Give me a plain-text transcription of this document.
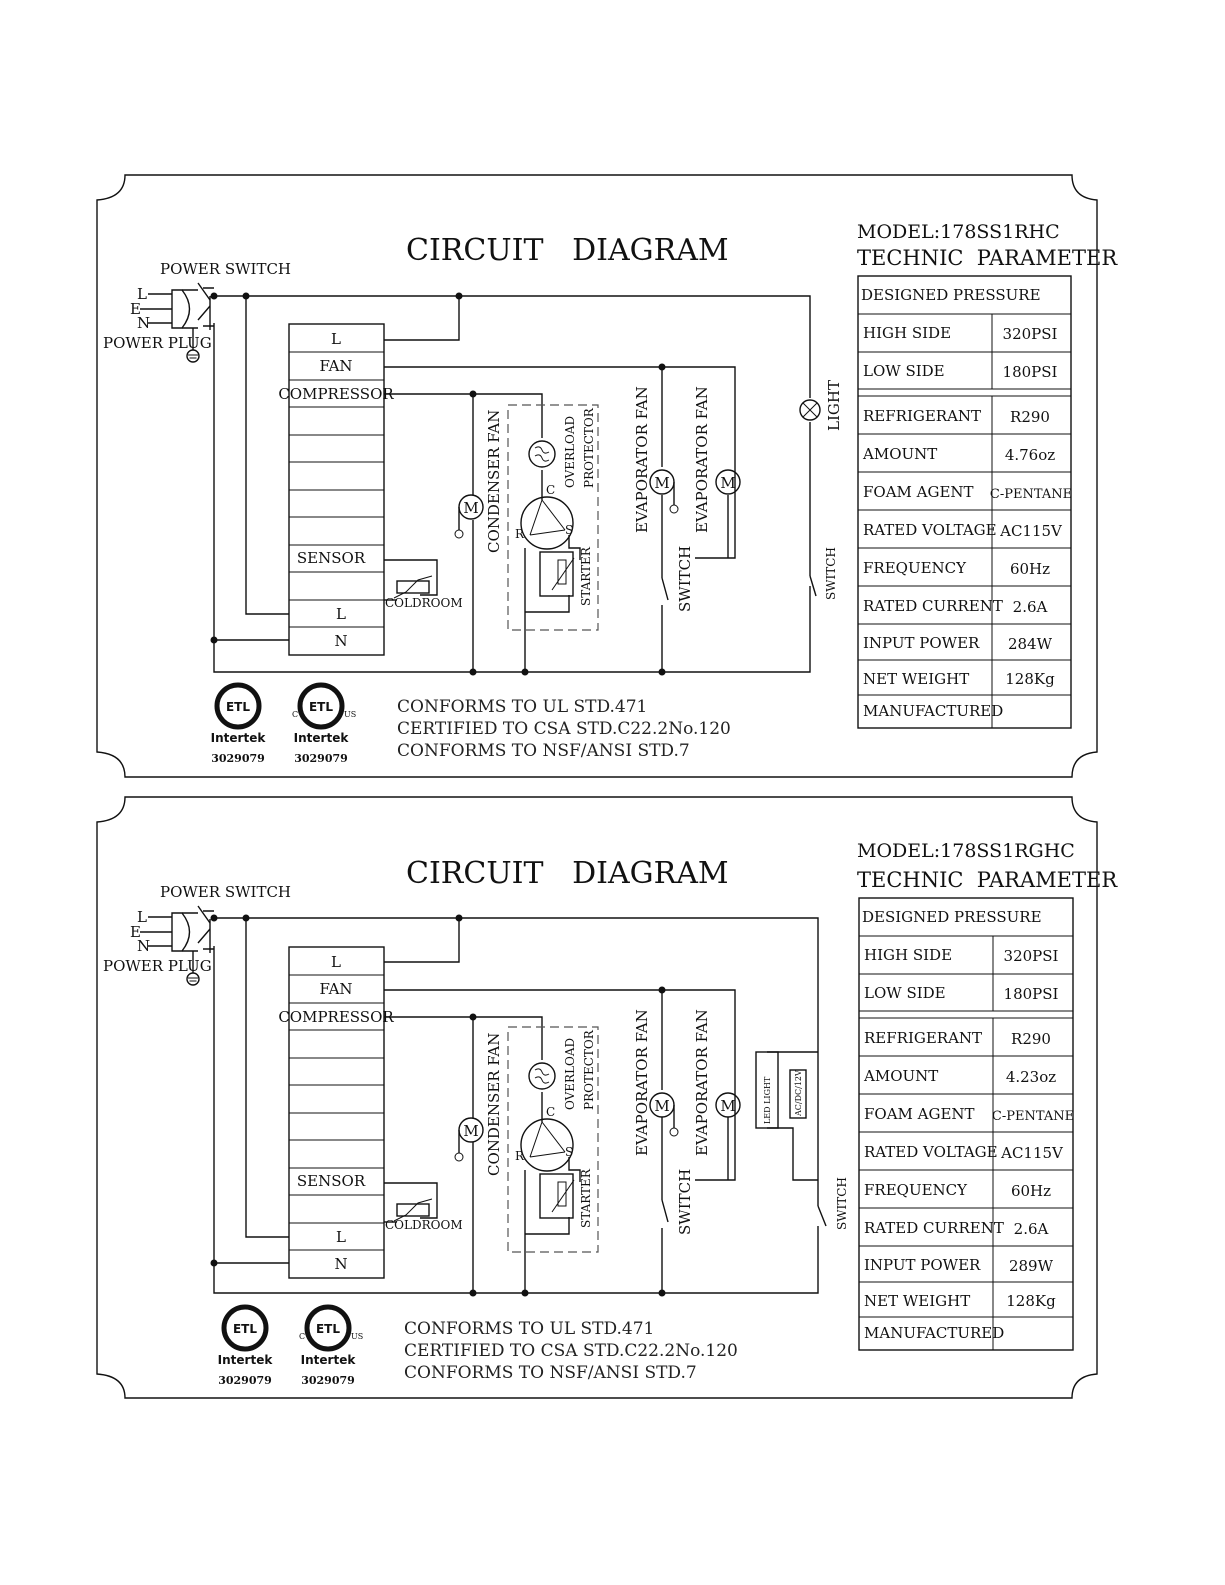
CIRCUIT   DIAGRAM
MODEL:178SS1RHC
TECHNIC  PARAMETER
POWER SWITCH
POWER PLUG
L
E
N
L
FAN
COMPRESSOR
SENSOR
L
N
COLDROOM
M CONDENSER FAN	OVERLOAD PROTECTOR
C
R	S
STARTER
M
EVAPORATOR FAN	M
EVAPORATOR FAN
SWITCH	SWITCH
LIGHT
DESIGNED PRESSURE
HIGH SIDE	320PSI
LOW SIDE	180PSI
REFRIGERANT R290
AMOUNT	4.76oz
FOAM AGENT C-PENTANE
RATED VOLTAGE AC115V
FREQUENCY	60Hz
RATED CURRENT 2.6A
INPUT POWER 284W
NET WEIGHT 128Kg
MANUFACTURED
ETL
Intertek
3029079
ETL
C	US
Intertek
3029079
CONFORMS TO UL STD.471
CERTIFIED TO CSA STD.C22.2No.120
CONFORMS TO NSF/ANSI STD.7
CIRCUIT   DIAGRAM
MODEL:178SS1RGHC
TECHNIC  PARAMETER
POWER SWITCH
POWER PLUG
L
E
N
L
FAN
COMPRESSOR
SENSOR
L
N
COLDROOM
M CONDENSER FAN	OVERLOAD PROTECTOR
C
R	S
STARTER
M
EVAPORATOR FAN	M
EVAPORATOR FAN	LED LIGHT	AC/DC/12V
SWITCH	SWITCH
DESIGNED PRESSURE
HIGH SIDE	320PSI
LOW SIDE	180PSI
REFRIGERANT R290
AMOUNT	4.23oz
FOAM AGENT C-PENTANE
RATED VOLTAGE AC115V
FREQUENCY	60Hz
RATED CURRENT 2.6A
INPUT POWER 289W
NET WEIGHT 128Kg
MANUFACTURED
ETL
Intertek
3029079
ETL
C	US
Intertek
3029079
CONFORMS TO UL STD.471
CERTIFIED TO CSA STD.C22.2No.120
CONFORMS TO NSF/ANSI STD.7
